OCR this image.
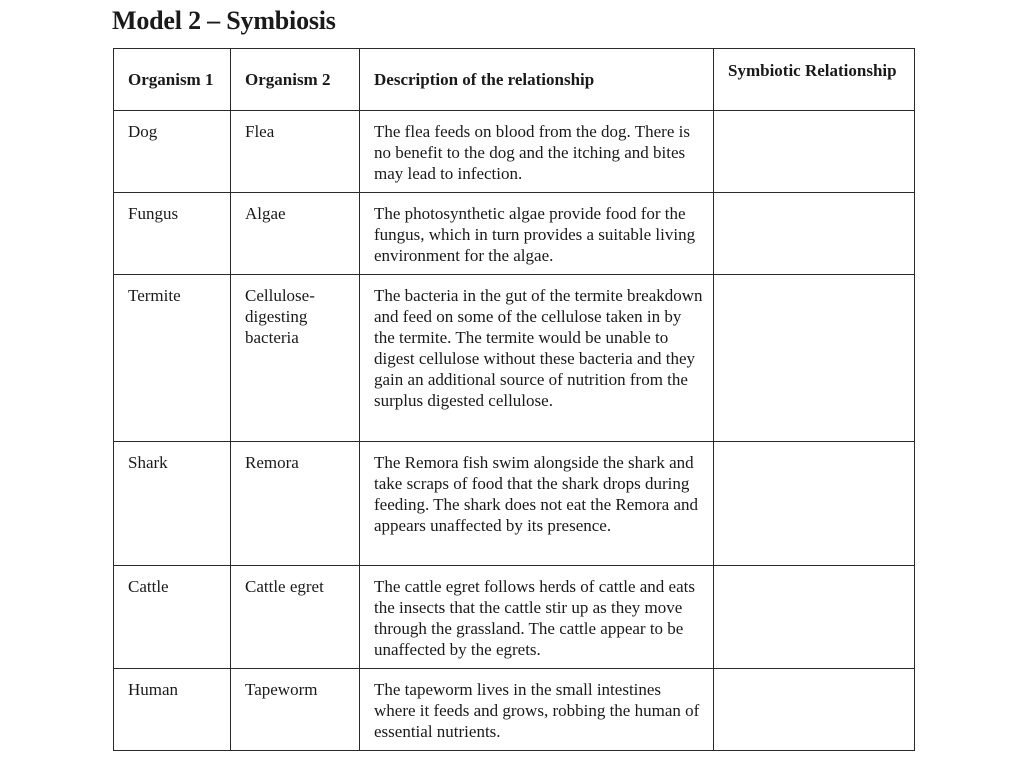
Model 2 – Symbiosis
Organism 1	Organism 2	Description of the relationship	Symbiotic Relationship
Dog	Flea	The flea feeds on blood from the dog. There is no benefit to the dog and the itching and bites may lead to infection.	
Fungus	Algae	The photosynthetic algae provide food for the fungus, which in turn provides a suitable living environment for the algae.	
Termite	Cellulose-digesting bacteria	The bacteria in the gut of the termite breakdown and feed on some of the cellulose taken in by the termite. The termite would be unable to digest cellulose without these bacteria and they gain an additional source of nutrition from the surplus digested cellulose.	
Shark	Remora	The Remora fish swim alongside the shark and take scraps of food that the shark drops during feeding. The shark does not eat the Remora and appears unaffected by its presence.	
Cattle	Cattle egret	The cattle egret follows herds of cattle and eats the insects that the cattle stir up as they move through the grassland. The cattle appear to be unaffected by the egrets.	
Human	Tapeworm	The tapeworm lives in the small intestines where it feeds and grows, robbing the human of essential nutrients.	
